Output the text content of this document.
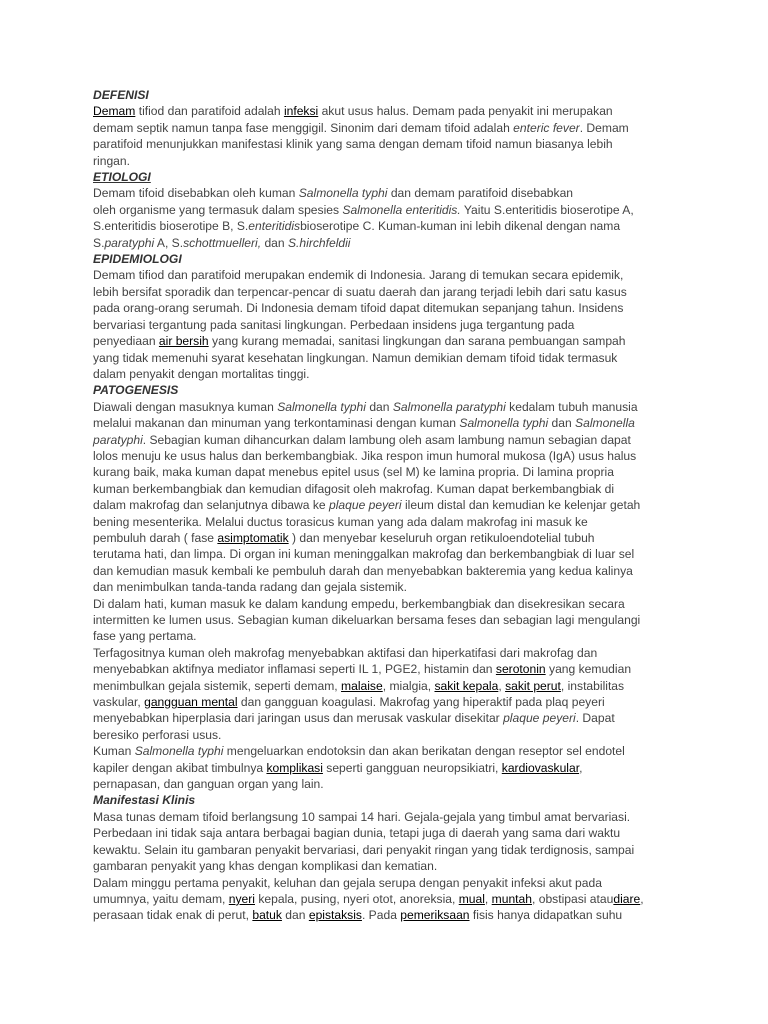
DEFENISI

Demam tifiod dan paratifoid adalah infeksi akut usus halus. Demam pada penyakit ini merupakan

demam septik namun tanpa fase menggigil. Sinonim dari demam tifoid adalah enteric fever. Demam

paratifoid menunjukkan manifestasi klinik yang sama dengan demam tifoid namun biasanya lebih

ringan.

ETIOLOGI

Demam tifoid disebabkan oleh kuman Salmonella typhi dan demam paratifoid disebabkan

oleh organisme yang termasuk dalam spesies Salmonella enteritidis. Yaitu S.enteritidis bioserotipe A,

S.enteritidis bioserotipe B, S.enteritidisbioserotipe C. Kuman-kuman ini lebih dikenal dengan nama

S.paratyphi A, S.schottmuelleri, dan S.hirchfeldii

EPIDEMIOLOGI

Demam tifiod dan paratifoid merupakan endemik di Indonesia. Jarang di temukan secara epidemik,

lebih bersifat sporadik dan terpencar-pencar di suatu daerah dan jarang terjadi lebih dari satu kasus

pada orang-orang serumah. Di Indonesia demam tifoid dapat ditemukan sepanjang tahun. Insidens

bervariasi tergantung pada sanitasi lingkungan. Perbedaan insidens juga tergantung pada

penyediaan air bersih yang kurang memadai, sanitasi lingkungan dan sarana pembuangan sampah

yang tidak memenuhi syarat kesehatan lingkungan. Namun demikian demam tifoid tidak termasuk

dalam penyakit dengan mortalitas tinggi.

PATOGENESIS

Diawali dengan masuknya kuman Salmonella typhi dan Salmonella paratyphi kedalam tubuh manusia

melalui makanan dan minuman yang terkontaminasi dengan kuman Salmonella typhi dan Salmonella

paratyphi. Sebagian kuman dihancurkan dalam lambung oleh asam lambung namun sebagian dapat

lolos menuju ke usus halus dan berkembangbiak. Jika respon imun humoral mukosa (IgA) usus halus

kurang baik, maka kuman dapat menebus epitel usus (sel M) ke lamina propria. Di lamina propria

kuman berkembangbiak dan kemudian difagosit oleh makrofag. Kuman dapat berkembangbiak di

dalam makrofag dan selanjutnya dibawa ke plaque peyeri ileum distal dan kemudian ke kelenjar getah

bening mesenterika. Melalui ductus torasicus kuman yang ada dalam makrofag ini masuk ke

pembuluh darah ( fase asimptomatik ) dan menyebar keseluruh organ retikuloendotelial tubuh

terutama hati, dan limpa. Di organ ini kuman meninggalkan makrofag dan berkembangbiak di luar sel

dan kemudian masuk kembali ke pembuluh darah dan menyebabkan bakteremia yang kedua kalinya

dan menimbulkan tanda-tanda radang dan gejala sistemik.

Di dalam hati, kuman masuk ke dalam kandung empedu, berkembangbiak dan disekresikan secara

intermitten ke lumen usus. Sebagian kuman dikeluarkan bersama feses dan sebagian lagi mengulangi

fase yang pertama.

Terfagositnya kuman oleh makrofag menyebabkan aktifasi dan hiperkatifasi dari makrofag dan

menyebabkan aktifnya mediator inflamasi seperti IL 1, PGE2, histamin dan serotonin yang kemudian

menimbulkan gejala sistemik, seperti demam, malaise, mialgia, sakit kepala, sakit perut, instabilitas

vaskular, gangguan mental dan gangguan koagulasi. Makrofag yang hiperaktif pada plaq peyeri

menyebabkan hiperplasia dari jaringan usus dan merusak vaskular disekitar plaque peyeri. Dapat

beresiko perforasi usus.

Kuman Salmonella typhi mengeluarkan endotoksin dan akan berikatan dengan reseptor sel endotel

kapiler dengan akibat timbulnya komplikasi seperti gangguan neuropsikiatri, kardiovaskular,

pernapasan, dan ganguan organ yang lain.

Manifestasi Klinis

Masa tunas demam tifoid berlangsung 10 sampai 14 hari. Gejala-gejala yang timbul amat bervariasi.

Perbedaan ini tidak saja antara berbagai bagian dunia, tetapi juga di daerah yang sama dari waktu

kewaktu. Selain itu gambaran penyakit bervariasi, dari penyakit ringan yang tidak terdignosis, sampai

gambaran penyakit yang khas dengan komplikasi dan kematian.

Dalam minggu pertama penyakit, keluhan dan gejala serupa dengan penyakit infeksi akut pada

umumnya, yaitu demam, nyeri kepala, pusing, nyeri otot, anoreksia, mual, muntah, obstipasi ataudiare,

perasaan tidak enak di perut, batuk dan epistaksis. Pada pemeriksaan fisis hanya didapatkan suhu
